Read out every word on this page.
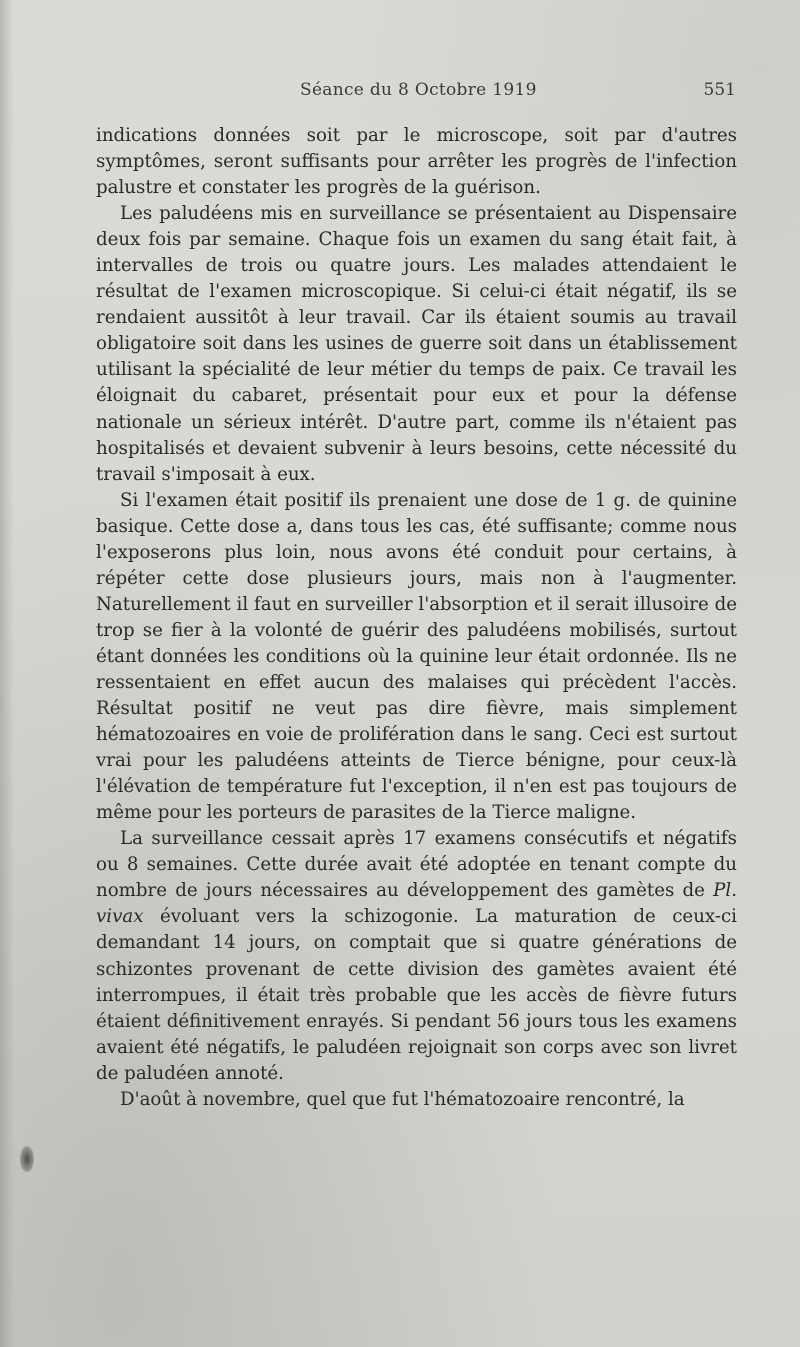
Séance du 8 Octobre 1919	551

indications données soit par le microscope, soit par d'autres symptômes, seront suffisants pour arrêter les progrès de l'infection palustre et constater les progrès de la guérison.

Les paludéens mis en surveillance se présentaient au Dispensaire deux fois par semaine. Chaque fois un examen du sang était fait, à intervalles de trois ou quatre jours. Les malades attendaient le résultat de l'examen microscopique. Si celui-ci était négatif, ils se rendaient aussitôt à leur travail. Car ils étaient soumis au travail obligatoire soit dans les usines de guerre soit dans un établissement utilisant la spécialité de leur métier du temps de paix. Ce travail les éloignait du cabaret, présentait pour eux et pour la défense nationale un sérieux intérêt. D'autre part, comme ils n'étaient pas hospitalisés et devaient subvenir à leurs besoins, cette nécessité du travail s'imposait à eux.

Si l'examen était positif ils prenaient une dose de 1 g. de quinine basique. Cette dose a, dans tous les cas, été suffisante; comme nous l'exposerons plus loin, nous avons été conduit pour certains, à répéter cette dose plusieurs jours, mais non à l'augmenter. Naturellement il faut en surveiller l'absorption et il serait illusoire de trop se fier à la volonté de guérir des paludéens mobilisés, surtout étant données les conditions où la quinine leur était ordonnée. Ils ne ressentaient en effet aucun des malaises qui précèdent l'accès. Résultat positif ne veut pas dire fièvre, mais simplement hématozoaires en voie de prolifération dans le sang. Ceci est surtout vrai pour les paludéens atteints de Tierce bénigne, pour ceux-là l'élévation de température fut l'exception, il n'en est pas toujours de même pour les porteurs de parasites de la Tierce maligne.

La surveillance cessait après 17 examens consécutifs et négatifs ou 8 semaines. Cette durée avait été adoptée en tenant compte du nombre de jours nécessaires au développement des gamètes de Pl. vivax évoluant vers la schizogonie. La maturation de ceux-ci demandant 14 jours, on comptait que si quatre générations de schizontes provenant de cette division des gamètes avaient été interrompues, il était très probable que les accès de fièvre futurs étaient définitivement enrayés. Si pendant 56 jours tous les examens avaient été négatifs, le paludéen rejoignait son corps avec son livret de paludéen annoté.

D'août à novembre, quel que fut l'hématozoaire rencontré, la
